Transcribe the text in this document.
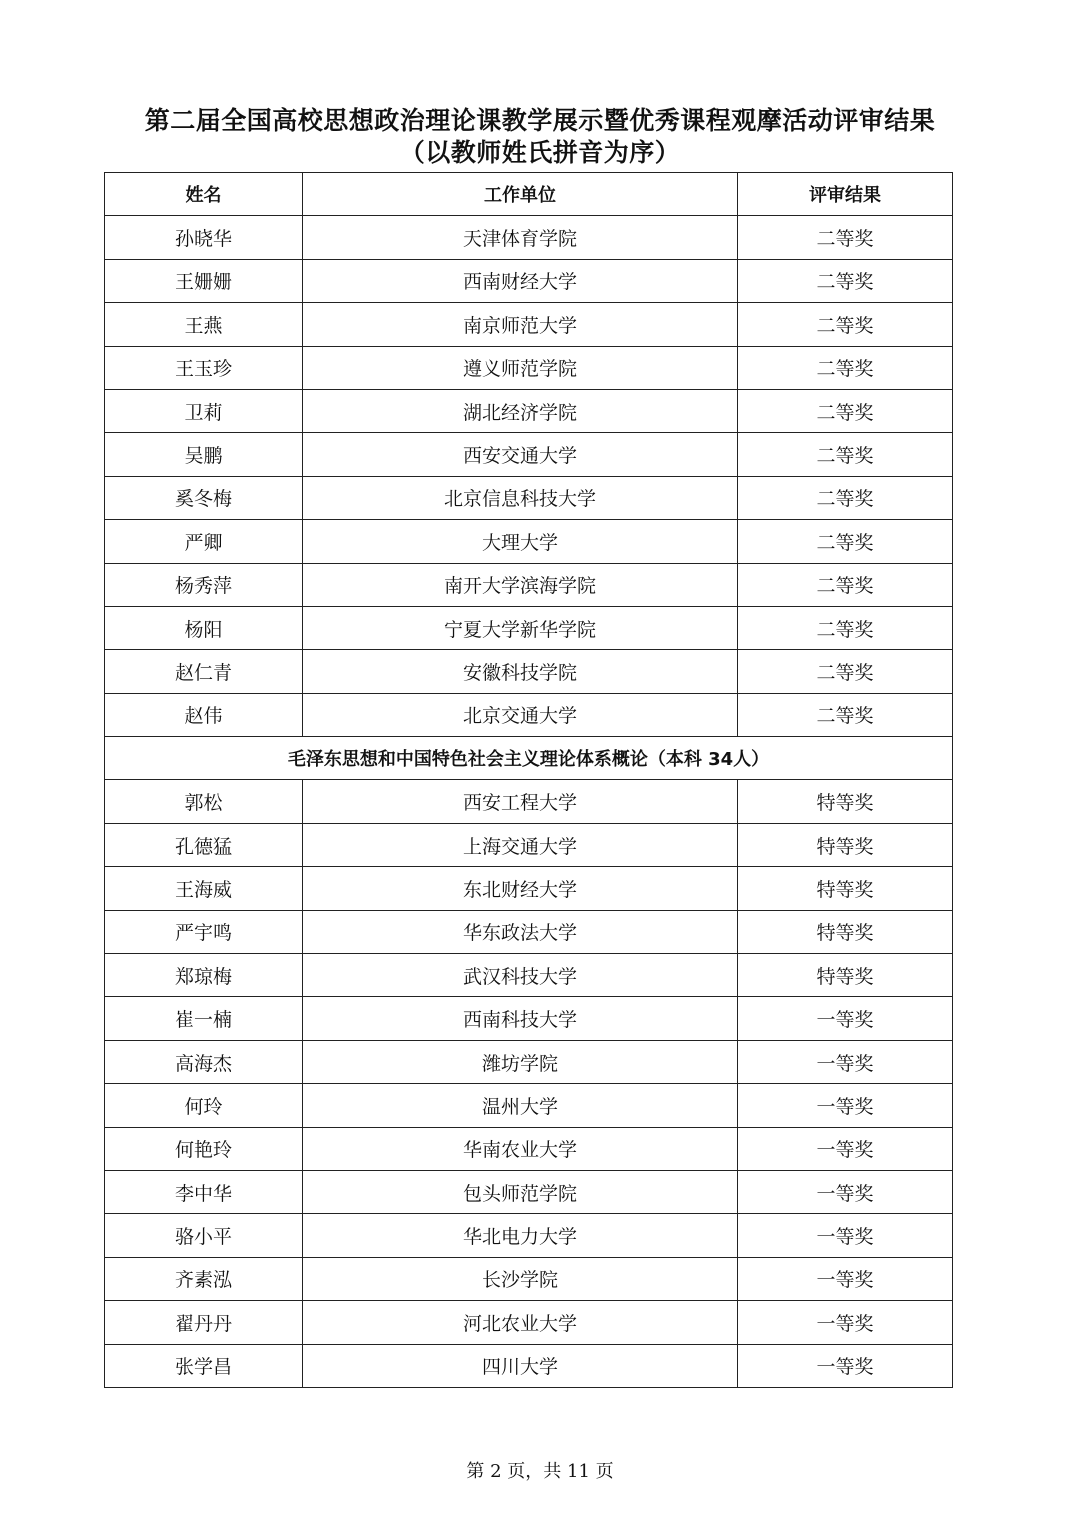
第二届全国高校思想政治理论课教学展示暨优秀课程观摩活动评审结果
（以教师姓氏拼音为序）
姓名	工作单位	评审结果
孙晓华	天津体育学院	二等奖
王姗姗	西南财经大学	二等奖
王燕	南京师范大学	二等奖
王玉珍	遵义师范学院	二等奖
卫莉	湖北经济学院	二等奖
吴鹏	西安交通大学	二等奖
奚冬梅	北京信息科技大学	二等奖
严卿	大理大学	二等奖
杨秀萍	南开大学滨海学院	二等奖
杨阳	宁夏大学新华学院	二等奖
赵仁青	安徽科技学院	二等奖
赵伟	北京交通大学	二等奖
毛泽东思想和中国特色社会主义理论体系概论（本科 34人）		
郭松	西安工程大学	特等奖
孔德猛	上海交通大学	特等奖
王海威	东北财经大学	特等奖
严宇鸣	华东政法大学	特等奖
郑琼梅	武汉科技大学	特等奖
崔一楠	西南科技大学	一等奖
高海杰	潍坊学院	一等奖
何玲	温州大学	一等奖
何艳玲	华南农业大学	一等奖
李中华	包头师范学院	一等奖
骆小平	华北电力大学	一等奖
齐素泓	长沙学院	一等奖
翟丹丹	河北农业大学	一等奖
张学昌	四川大学	一等奖
第 2 页，共 11 页
